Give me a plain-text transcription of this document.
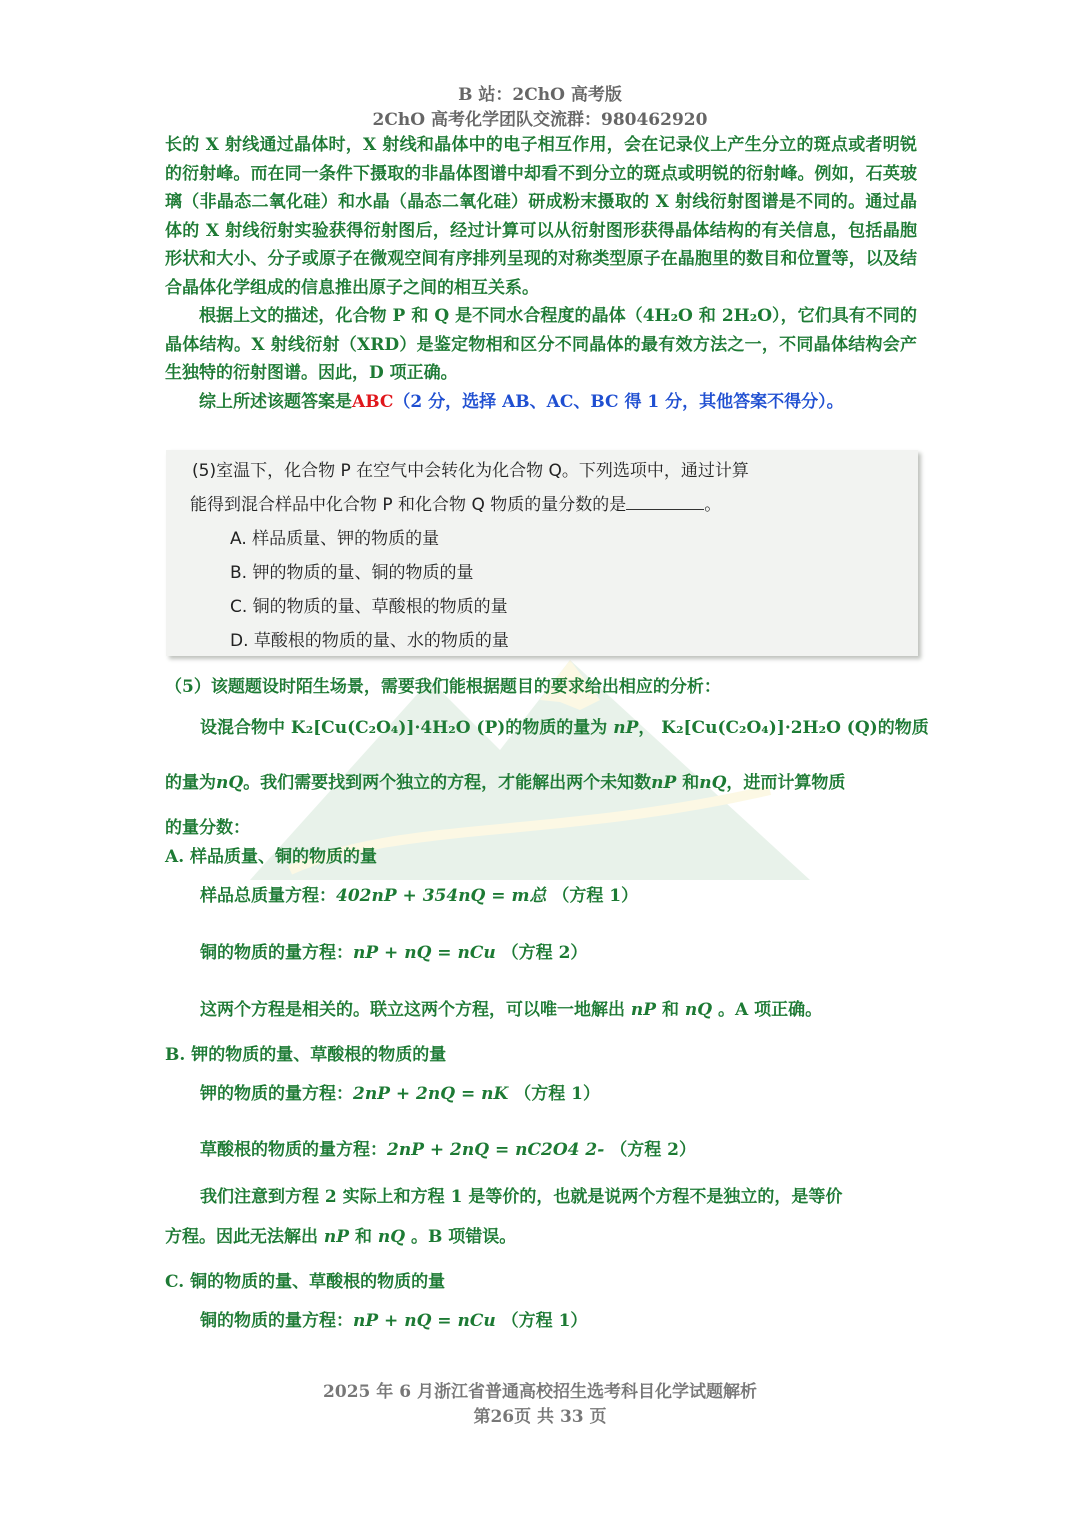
B 站：2ChO 高考版
2ChO 高考化学团队交流群：980462920

长的 X 射线通过晶体时，X 射线和晶体中的电子相互作用，会在记录仪上产生分立的斑点或者明锐的衍射峰。而在同一条件下摄取的非晶体图谱中却看不到分立的斑点或明锐的衍射峰。例如，石英玻璃（非晶态二氧化硅）和水晶（晶态二氧化硅）研成粉末摄取的 X 射线衍射图谱是不同的。通过晶体的 X 射线衍射实验获得衍射图后，经过计算可以从衍射图形获得晶体结构的有关信息，包括晶胞形状和大小、分子或原子在微观空间有序排列呈现的对称类型原子在晶胞里的数目和位置等，以及结合晶体化学组成的信息推出原子之间的相互关系。

根据上文的描述，化合物 P 和 Q 是不同水合程度的晶体（4H₂O 和 2H₂O），它们具有不同的晶体结构。X 射线衍射（XRD）是鉴定物相和区分不同晶体的最有效方法之一，不同晶体结构会产生独特的衍射图谱。因此，D 项正确。

综上所述该题答案是ABC（2 分，选择 AB、AC、BC 得 1 分，其他答案不得分）。

(5)室温下，化合物 P 在空气中会转化为化合物 Q。下列选项中，通过计算
能得到混合样品中化合物 P 和化合物 Q 物质的量分数的是	。
A. 样品质量、钾的物质的量
B. 钾的物质的量、铜的物质的量
C. 铜的物质的量、草酸根的物质的量
D. 草酸根的物质的量、水的物质的量
（5）该题题设时陌生场景，需要我们能根据题目的要求给出相应的分析：
设混合物中 K₂[Cu(C₂O₄)]·4H₂O (P)的物质的量为 nP， K₂[Cu(C₂O₄)]·2H₂O (Q)的物质
的量为nQ。我们需要找到两个独立的方程，才能解出两个未知数nP 和nQ，进而计算物质
的量分数：
A. 样品质量、铜的物质的量
样品总质量方程：402nP + 354nQ = m总 （方程 1）
铜的物质的量方程：nP + nQ = nCu （方程 2）
这两个方程是相关的。联立这两个方程，可以唯一地解出 nP 和 nQ 。A 项正确。
B. 钾的物质的量、草酸根的物质的量
钾的物质的量方程：2nP + 2nQ = nK （方程 1）
草酸根的物质的量方程：2nP + 2nQ = nC2O4 2- （方程 2）
我们注意到方程 2 实际上和方程 1 是等价的，也就是说两个方程不是独立的，是等价
方程。因此无法解出 nP 和 nQ 。B 项错误。
C. 铜的物质的量、草酸根的物质的量
铜的物质的量方程：nP + nQ = nCu （方程 1）
2025 年 6 月浙江省普通高校招生选考科目化学试题解析
第26页 共 33 页
